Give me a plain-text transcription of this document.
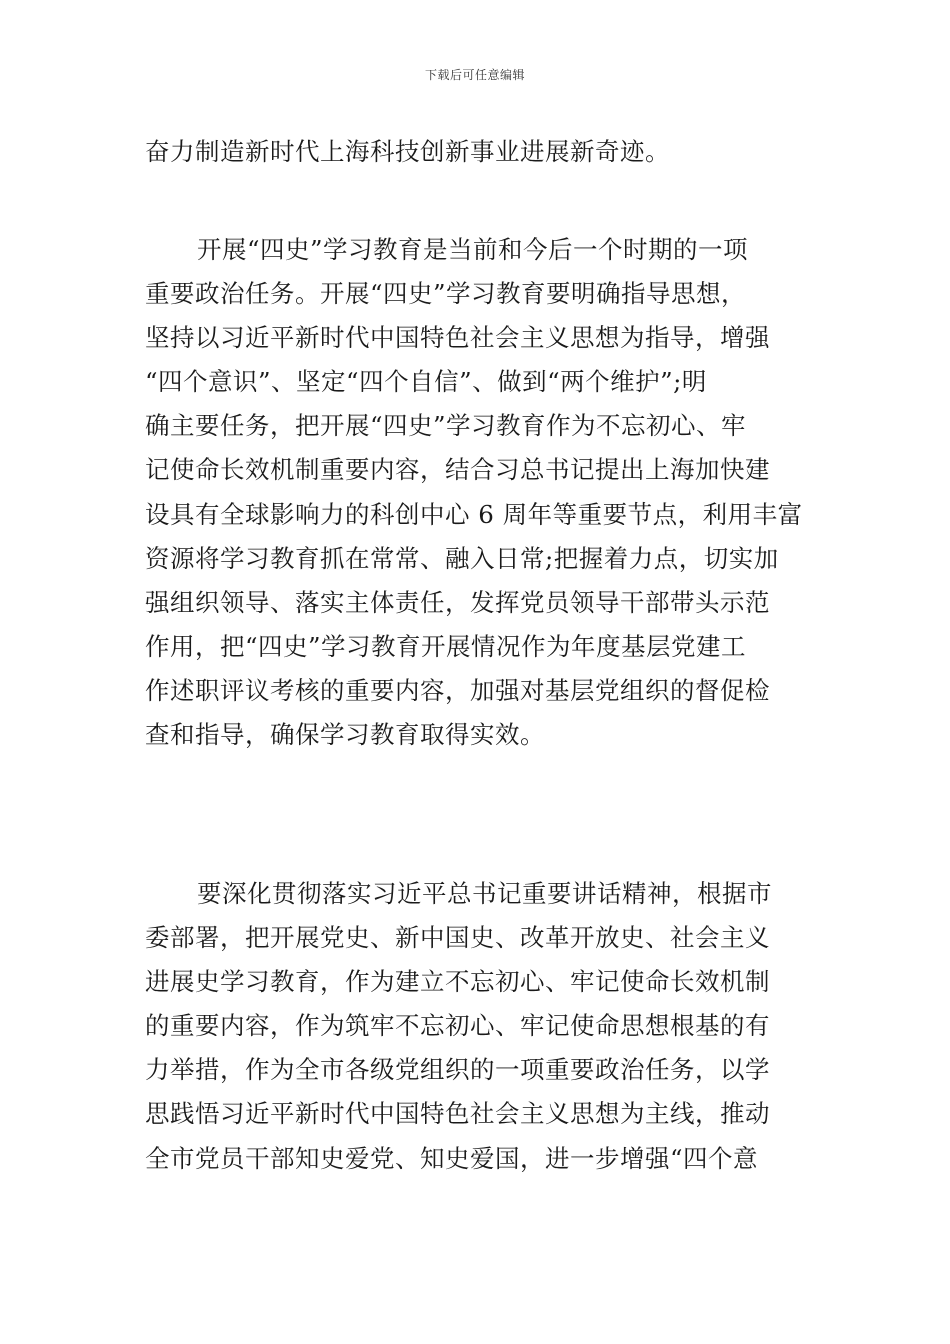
下载后可任意编辑
奋力制造新时代上海科技创新事业进展新奇迹。
开展“四史”学习教育是当前和今后一个时期的一项
重要政治任务。开展“四史”学习教育要明确指导思想，
坚持以习近平新时代中国特色社会主义思想为指导，增强
“四个意识”、坚定“四个自信”、做到“两个维护”;明
确主要任务，把开展“四史”学习教育作为不忘初心、牢
记使命长效机制重要内容，结合习总书记提出上海加快建
设具有全球影响力的科创中心 6 周年等重要节点，利用丰富
资源将学习教育抓在常常、融入日常;把握着力点，切实加
强组织领导、落实主体责任，发挥党员领导干部带头示范
作用，把“四史”学习教育开展情况作为年度基层党建工
作述职评议考核的重要内容，加强对基层党组织的督促检
查和指导，确保学习教育取得实效。
要深化贯彻落实习近平总书记重要讲话精神，根据市
委部署，把开展党史、新中国史、改革开放史、社会主义
进展史学习教育，作为建立不忘初心、牢记使命长效机制
的重要内容，作为筑牢不忘初心、牢记使命思想根基的有
力举措，作为全市各级党组织的一项重要政治任务，以学
思践悟习近平新时代中国特色社会主义思想为主线，推动
全市党员干部知史爱党、知史爱国，进一步增强“四个意
